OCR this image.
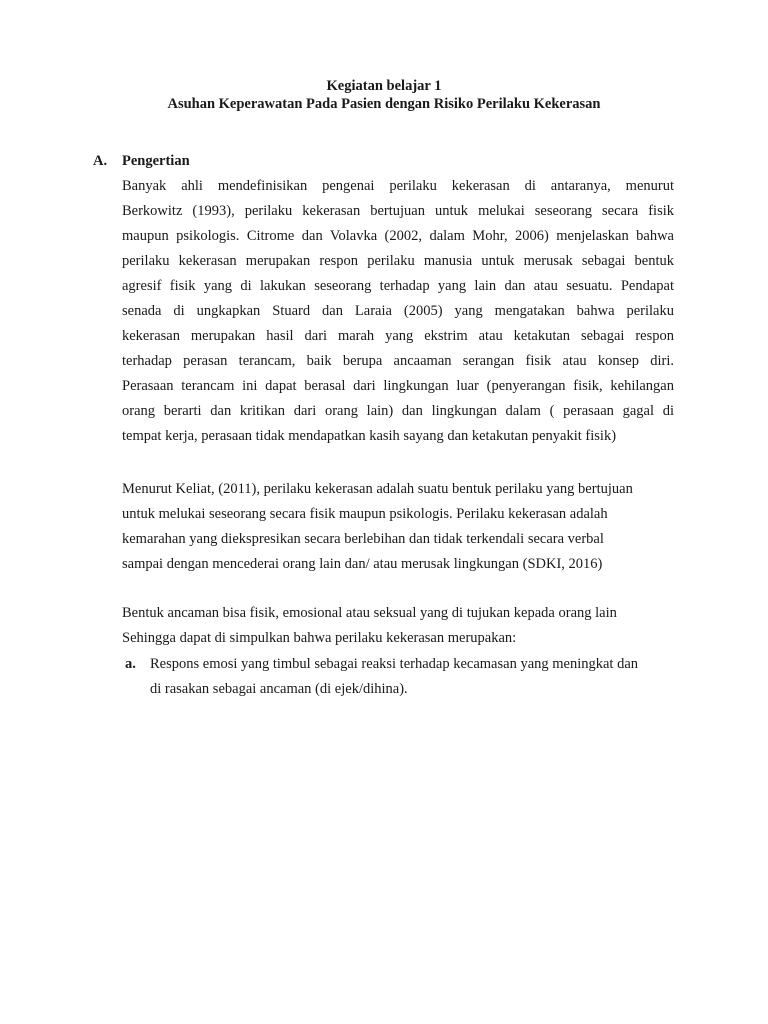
Kegiatan belajar 1
Asuhan Keperawatan Pada Pasien dengan Risiko Perilaku Kekerasan
A. Pengertian
Banyak ahli mendefinisikan pengenai perilaku kekerasan di antaranya, menurut
Berkowitz (1993), perilaku kekerasan bertujuan untuk melukai seseorang secara fisik
maupun psikologis. Citrome dan Volavka (2002, dalam Mohr, 2006) menjelaskan bahwa
perilaku kekerasan merupakan respon perilaku manusia untuk merusak sebagai bentuk
agresif fisik yang di lakukan seseorang terhadap yang lain dan atau sesuatu. Pendapat
senada di ungkapkan Stuard dan Laraia (2005) yang mengatakan bahwa perilaku
kekerasan merupakan hasil dari marah yang ekstrim atau ketakutan sebagai respon
terhadap perasan terancam, baik berupa ancaaman serangan fisik atau konsep diri.
Perasaan terancam ini dapat berasal dari lingkungan luar (penyerangan fisik, kehilangan
orang berarti dan kritikan dari orang lain) dan lingkungan dalam ( perasaan gagal di
tempat kerja, perasaan tidak mendapatkan kasih sayang dan ketakutan penyakit fisik)
Menurut Keliat, (2011), perilaku kekerasan adalah suatu bentuk perilaku yang bertujuan
untuk melukai seseorang secara fisik maupun psikologis. Perilaku kekerasan adalah
kemarahan yang diekspresikan secara berlebihan dan tidak terkendali secara verbal
sampai dengan mencederai orang lain dan/ atau merusak lingkungan (SDKI, 2016)
Bentuk ancaman bisa fisik, emosional atau seksual yang di tujukan kepada orang lain
Sehingga dapat di simpulkan bahwa perilaku kekerasan merupakan:
a. Respons emosi yang timbul sebagai reaksi terhadap kecamasan yang meningkat dan
di rasakan sebagai ancaman (di ejek/dihina).
